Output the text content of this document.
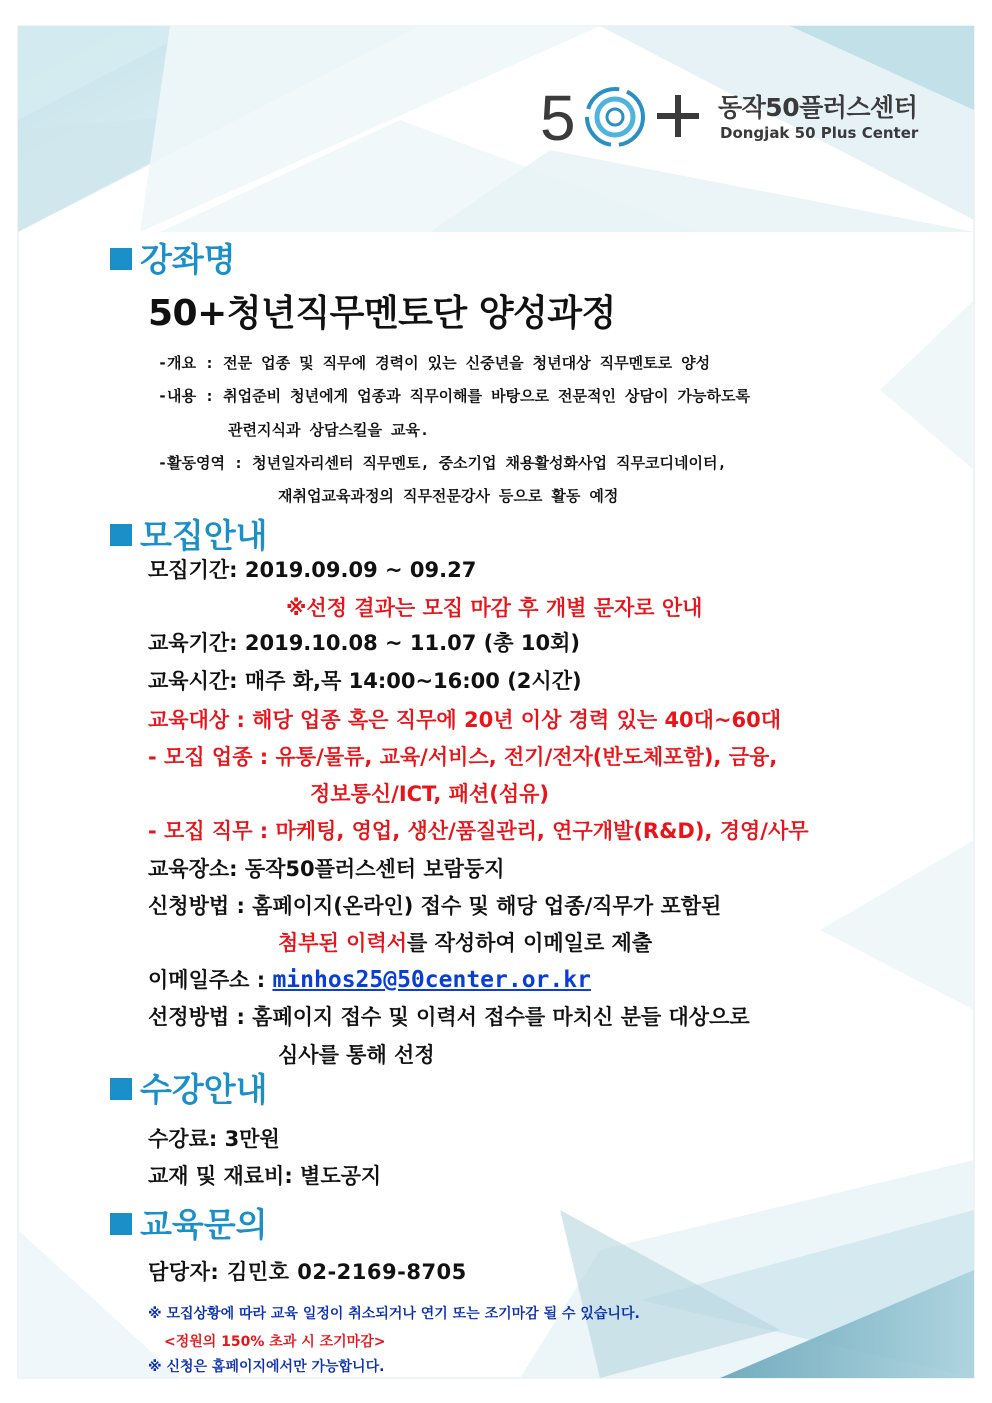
5	동작50플러스센터
Dongjak 50 Plus Center
강좌명
50+청년직무멘토단 양성과정
-개요 : 전문 업종 및 직무에 경력이 있는 신중년을 청년대상 직무멘토로 양성
-내용 : 취업준비 청년에게 업종과 직무이해를 바탕으로 전문적인 상담이 가능하도록
관련지식과 상담스킬을 교육.
-활동영역 : 청년일자리센터 직무멘토, 중소기업 채용활성화사업 직무코디네이터,
재취업교육과정의 직무전문강사 등으로 활동 예정
모집안내
모집기간: 2019.09.09 ~ 09.27
※선정 결과는 모집 마감 후 개별 문자로 안내
교육기간: 2019.10.08 ~ 11.07 (총 10회)
교육시간: 매주 화,목 14:00~16:00 (2시간)
교육대상 : 해당 업종 혹은 직무에 20년 이상 경력 있는 40대~60대
- 모집 업종 : 유통/물류, 교육/서비스, 전기/전자(반도체포함), 금융,
정보통신/ICT, 패션(섬유)
- 모집 직무 : 마케팅, 영업, 생산/품질관리, 연구개발(R&D), 경영/사무
교육장소: 동작50플러스센터 보람둥지
신청방법 : 홈페이지(온라인) 접수 및 해당 업종/직무가 포함된
첨부된 이력서를 작성하여 이메일로 제출
이메일주소 : minhos25@50center.or.kr
선정방법 : 홈페이지 접수 및 이력서 접수를 마치신 분들 대상으로
심사를 통해 선정
수강안내
수강료: 3만원
교재 및 재료비: 별도공지
교육문의
담당자: 김민호 02-2169-8705
※ 모집상황에 따라 교육 일정이 취소되거나 연기 또는 조기마감 될 수 있습니다.
<정원의 150% 초과 시 조기마감>
※ 신청은 홈페이지에서만 가능합니다.
